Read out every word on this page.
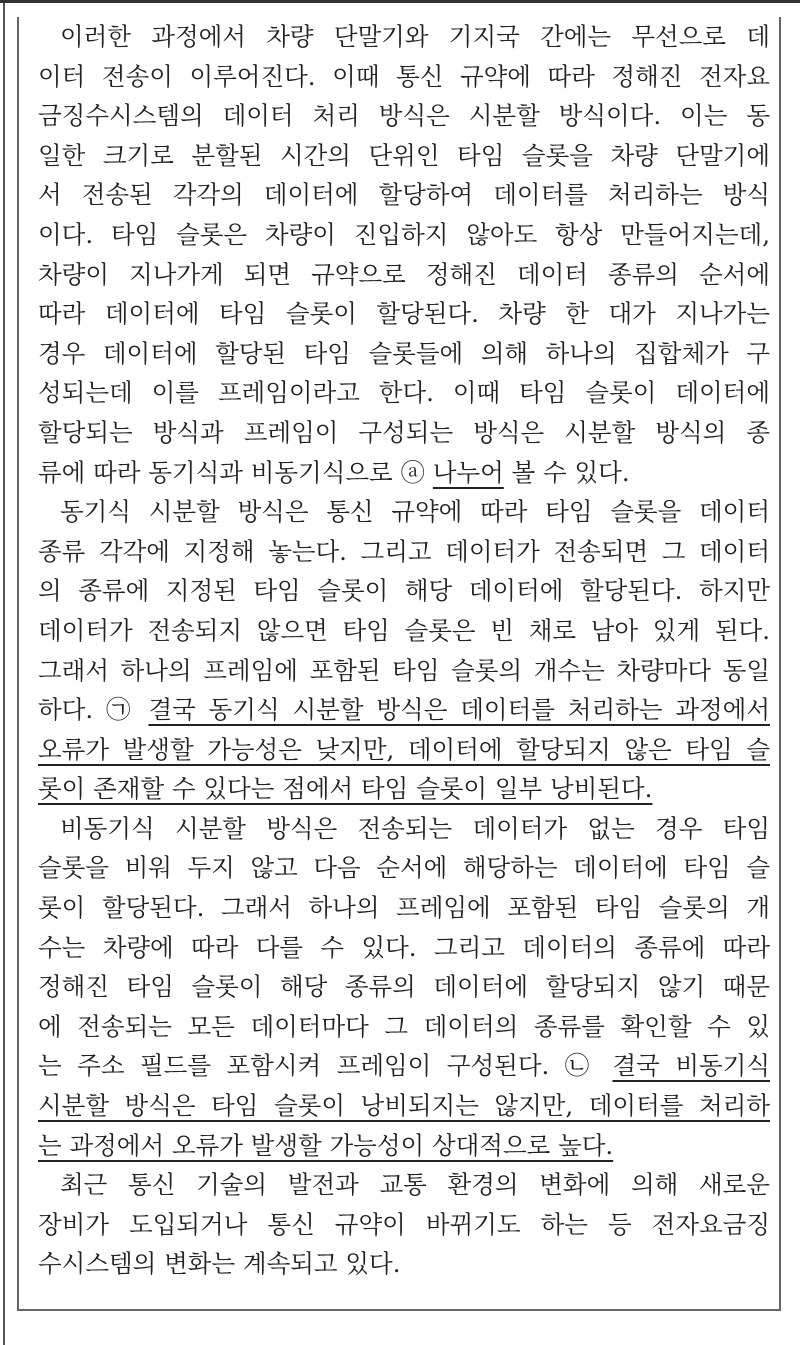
이러한 과정에서 차량 단말기와 기지국 간에는 무선으로 데
이터 전송이 이루어진다. 이때 통신 규약에 따라 정해진 전자요
금징수시스템의 데이터 처리 방식은 시분할 방식이다. 이는 동
일한 크기로 분할된 시간의 단위인 타임 슬롯을 차량 단말기에
서 전송된 각각의 데이터에 할당하여 데이터를 처리하는 방식
이다. 타임 슬롯은 차량이 진입하지 않아도 항상 만들어지는데,
차량이 지나가게 되면 규약으로 정해진 데이터 종류의 순서에
따라 데이터에 타임 슬롯이 할당된다. 차량 한 대가 지나가는
경우 데이터에 할당된 타임 슬롯들에 의해 하나의 집합체가 구
성되는데 이를 프레임이라고 한다. 이때 타임 슬롯이 데이터에
할당되는 방식과 프레임이 구성되는 방식은 시분할 방식의 종
류에 따라 동기식과 비동기식으로 ⓐ 나누어 볼 수 있다.
동기식 시분할 방식은 통신 규약에 따라 타임 슬롯을 데이터
종류 각각에 지정해 놓는다. 그리고 데이터가 전송되면 그 데이터
의 종류에 지정된 타임 슬롯이 해당 데이터에 할당된다. 하지만
데이터가 전송되지 않으면 타임 슬롯은 빈 채로 남아 있게 된다.
그래서 하나의 프레임에 포함된 타임 슬롯의 개수는 차량마다 동일
하다. ㉠ 결국 동기식 시분할 방식은 데이터를 처리하는 과정에서
오류가 발생할 가능성은 낮지만, 데이터에 할당되지 않은 타임 슬
롯이 존재할 수 있다는 점에서 타임 슬롯이 일부 낭비된다.
비동기식 시분할 방식은 전송되는 데이터가 없는 경우 타임
슬롯을 비워 두지 않고 다음 순서에 해당하는 데이터에 타임 슬
롯이 할당된다. 그래서 하나의 프레임에 포함된 타임 슬롯의 개
수는 차량에 따라 다를 수 있다. 그리고 데이터의 종류에 따라
정해진 타임 슬롯이 해당 종류의 데이터에 할당되지 않기 때문
에 전송되는 모든 데이터마다 그 데이터의 종류를 확인할 수 있
는 주소 필드를 포함시켜 프레임이 구성된다. ㉡ 결국 비동기식
시분할 방식은 타임 슬롯이 낭비되지는 않지만, 데이터를 처리하
는 과정에서 오류가 발생할 가능성이 상대적으로 높다.
최근 통신 기술의 발전과 교통 환경의 변화에 의해 새로운
장비가 도입되거나 통신 규약이 바뀌기도 하는 등 전자요금징
수시스템의 변화는 계속되고 있다.
